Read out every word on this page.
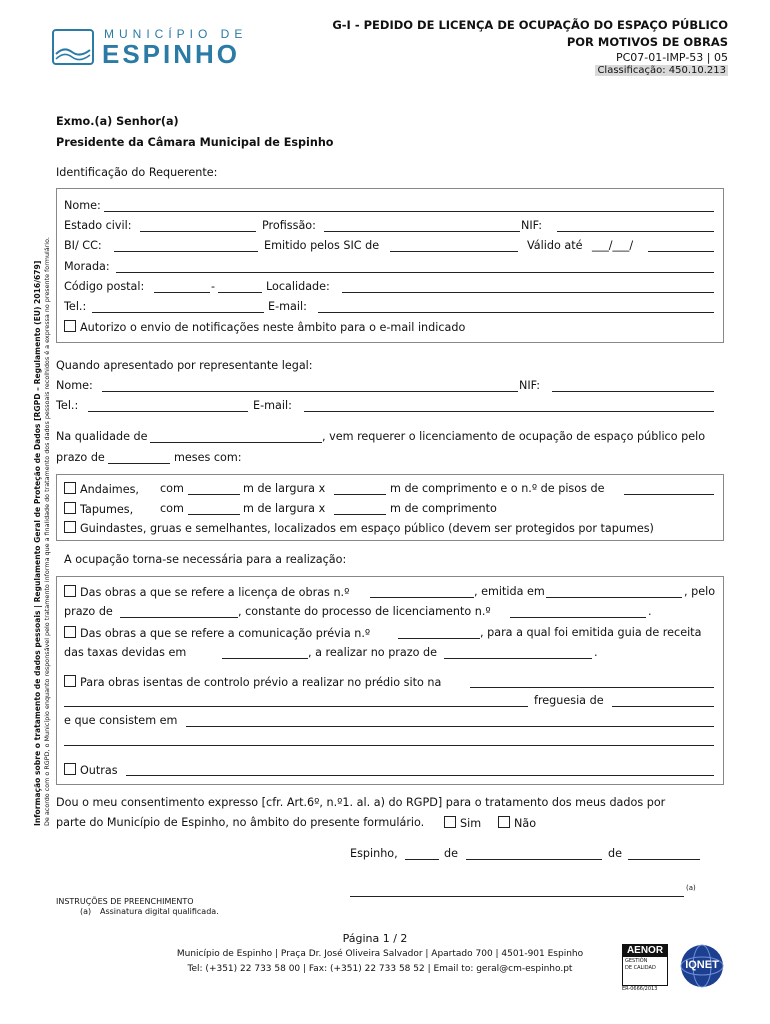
MUNICÍPIO DE
ESPINHO
G-I - PEDIDO DE LICENÇA DE OCUPAÇÃO DO ESPAÇO PÚBLICO
POR MOTIVOS DE OBRAS
PC07-01-IMP-53 | 05
Classificação: 450.10.213
Informação sobre o tratamento de dados pessoais | Regulamento Geral de Proteção de Dados [RGPD – Regulamento (EU) 2016/679] De acordo com o RGPD, o Município enquanto responsável pelo tratamento informa que a finalidade do tratamento dos dados pessoais recolhidos é a expressa no presente formulário.
Exmo.(a) Senhor(a)
Presidente da Câmara Municipal de Espinho
Identificação do Requerente:
Nome:
Estado civil:	Profissão:	NIF:
BI/ CC:	Emitido pelos SIC de	Válido até ___/___/
Morada:
Código postal:	-	Localidade:
Tel.:	E-mail:
Autorizo o envio de notificações neste âmbito para o e-mail indicado
Quando apresentado por representante legal:
Nome:	NIF:
Tel.:	E-mail:
Na qualidade de	, vem requerer o licenciamento de ocupação de espaço público pelo
prazo de	meses com:
Andaimes, com	m de largura x	m de comprimento e o n.º de pisos de
Tapumes, com	m de largura x	m de comprimento
Guindastes, gruas e semelhantes, localizados em espaço público (devem ser protegidos por tapumes)
A ocupação torna-se necessária para a realização:
Das obras a que se refere a licença de obras n.º	, emitida em	, pelo
prazo de	, constante do processo de licenciamento n.º	.
Das obras a que se refere a comunicação prévia n.º	, para a qual foi emitida guia de receita
das taxas devidas em	, a realizar no prazo de	.
Para obras isentas de controlo prévio a realizar no prédio sito na
freguesia de
e que consistem em
Outras
Dou o meu consentimento expresso [cfr. Art.6º, n.º1. al. a) do RGPD] para o tratamento dos meus dados por
parte do Município de Espinho, no âmbito do presente formulário.	Sim	Não
Espinho,	de	de
(a)
INSTRUÇÕES DE PREENCHIMENTO
(a) Assinatura digital qualificada.
Página 1 / 2
Município de Espinho | Praça Dr. José Oliveira Salvador | Apartado 700 | 4501-901 Espinho
Tel: (+351) 22 733 58 00 | Fax: (+351) 22 733 58 52 | Email to: geral@cm-espinho.pt
AENOR
GESTIÓN
DE CALIDAD
ER-0666/2013
IQNET
